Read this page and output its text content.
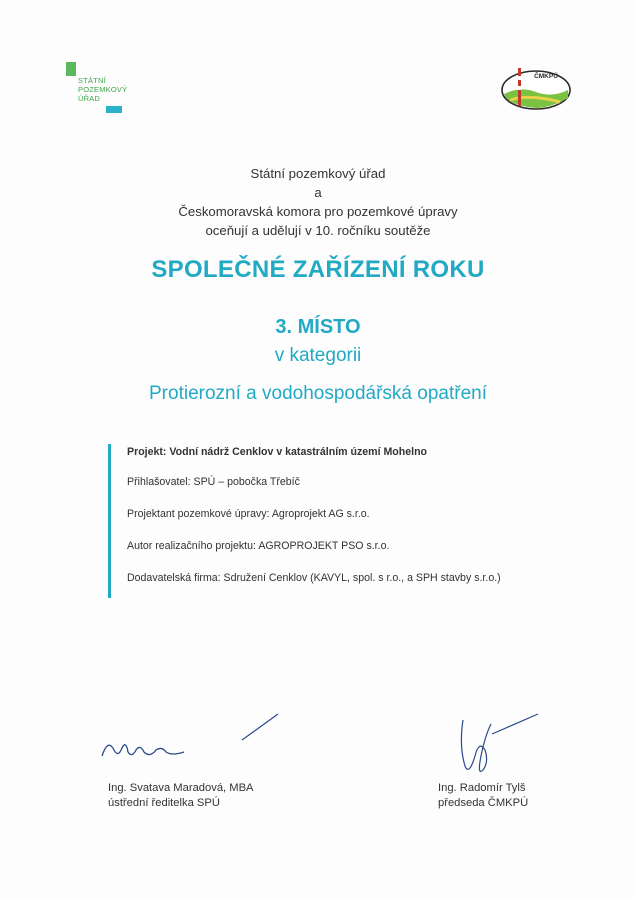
STÁTNÍ
POZEMKOVÝ
ÚŘAD
ČMKPÚ
Státní pozemkový úřad
a
Českomoravská komora pro pozemkové úpravy
oceňují a udělují v 10. ročníku soutěže
SPOLEČNÉ ZAŘÍZENÍ ROKU
3. MÍSTO
v kategorii
Protierozní a vodohospodářská opatření
Projekt: Vodní nádrž Cenklov v katastrálním území Mohelno
Přihlašovatel: SPÚ – pobočka Třebíč
Projektant pozemkové úpravy: Agroprojekt AG s.r.o.
Autor realizačního projektu: AGROPROJEKT PSO s.r.o.
Dodavatelská firma: Sdružení Cenklov (KAVYL, spol. s r.o., a SPH stavby s.r.o.)
Ing. Svatava Maradová, MBA
ústřední ředitelka SPÚ
Ing. Radomír Tylš
předseda ČMKPÚ
